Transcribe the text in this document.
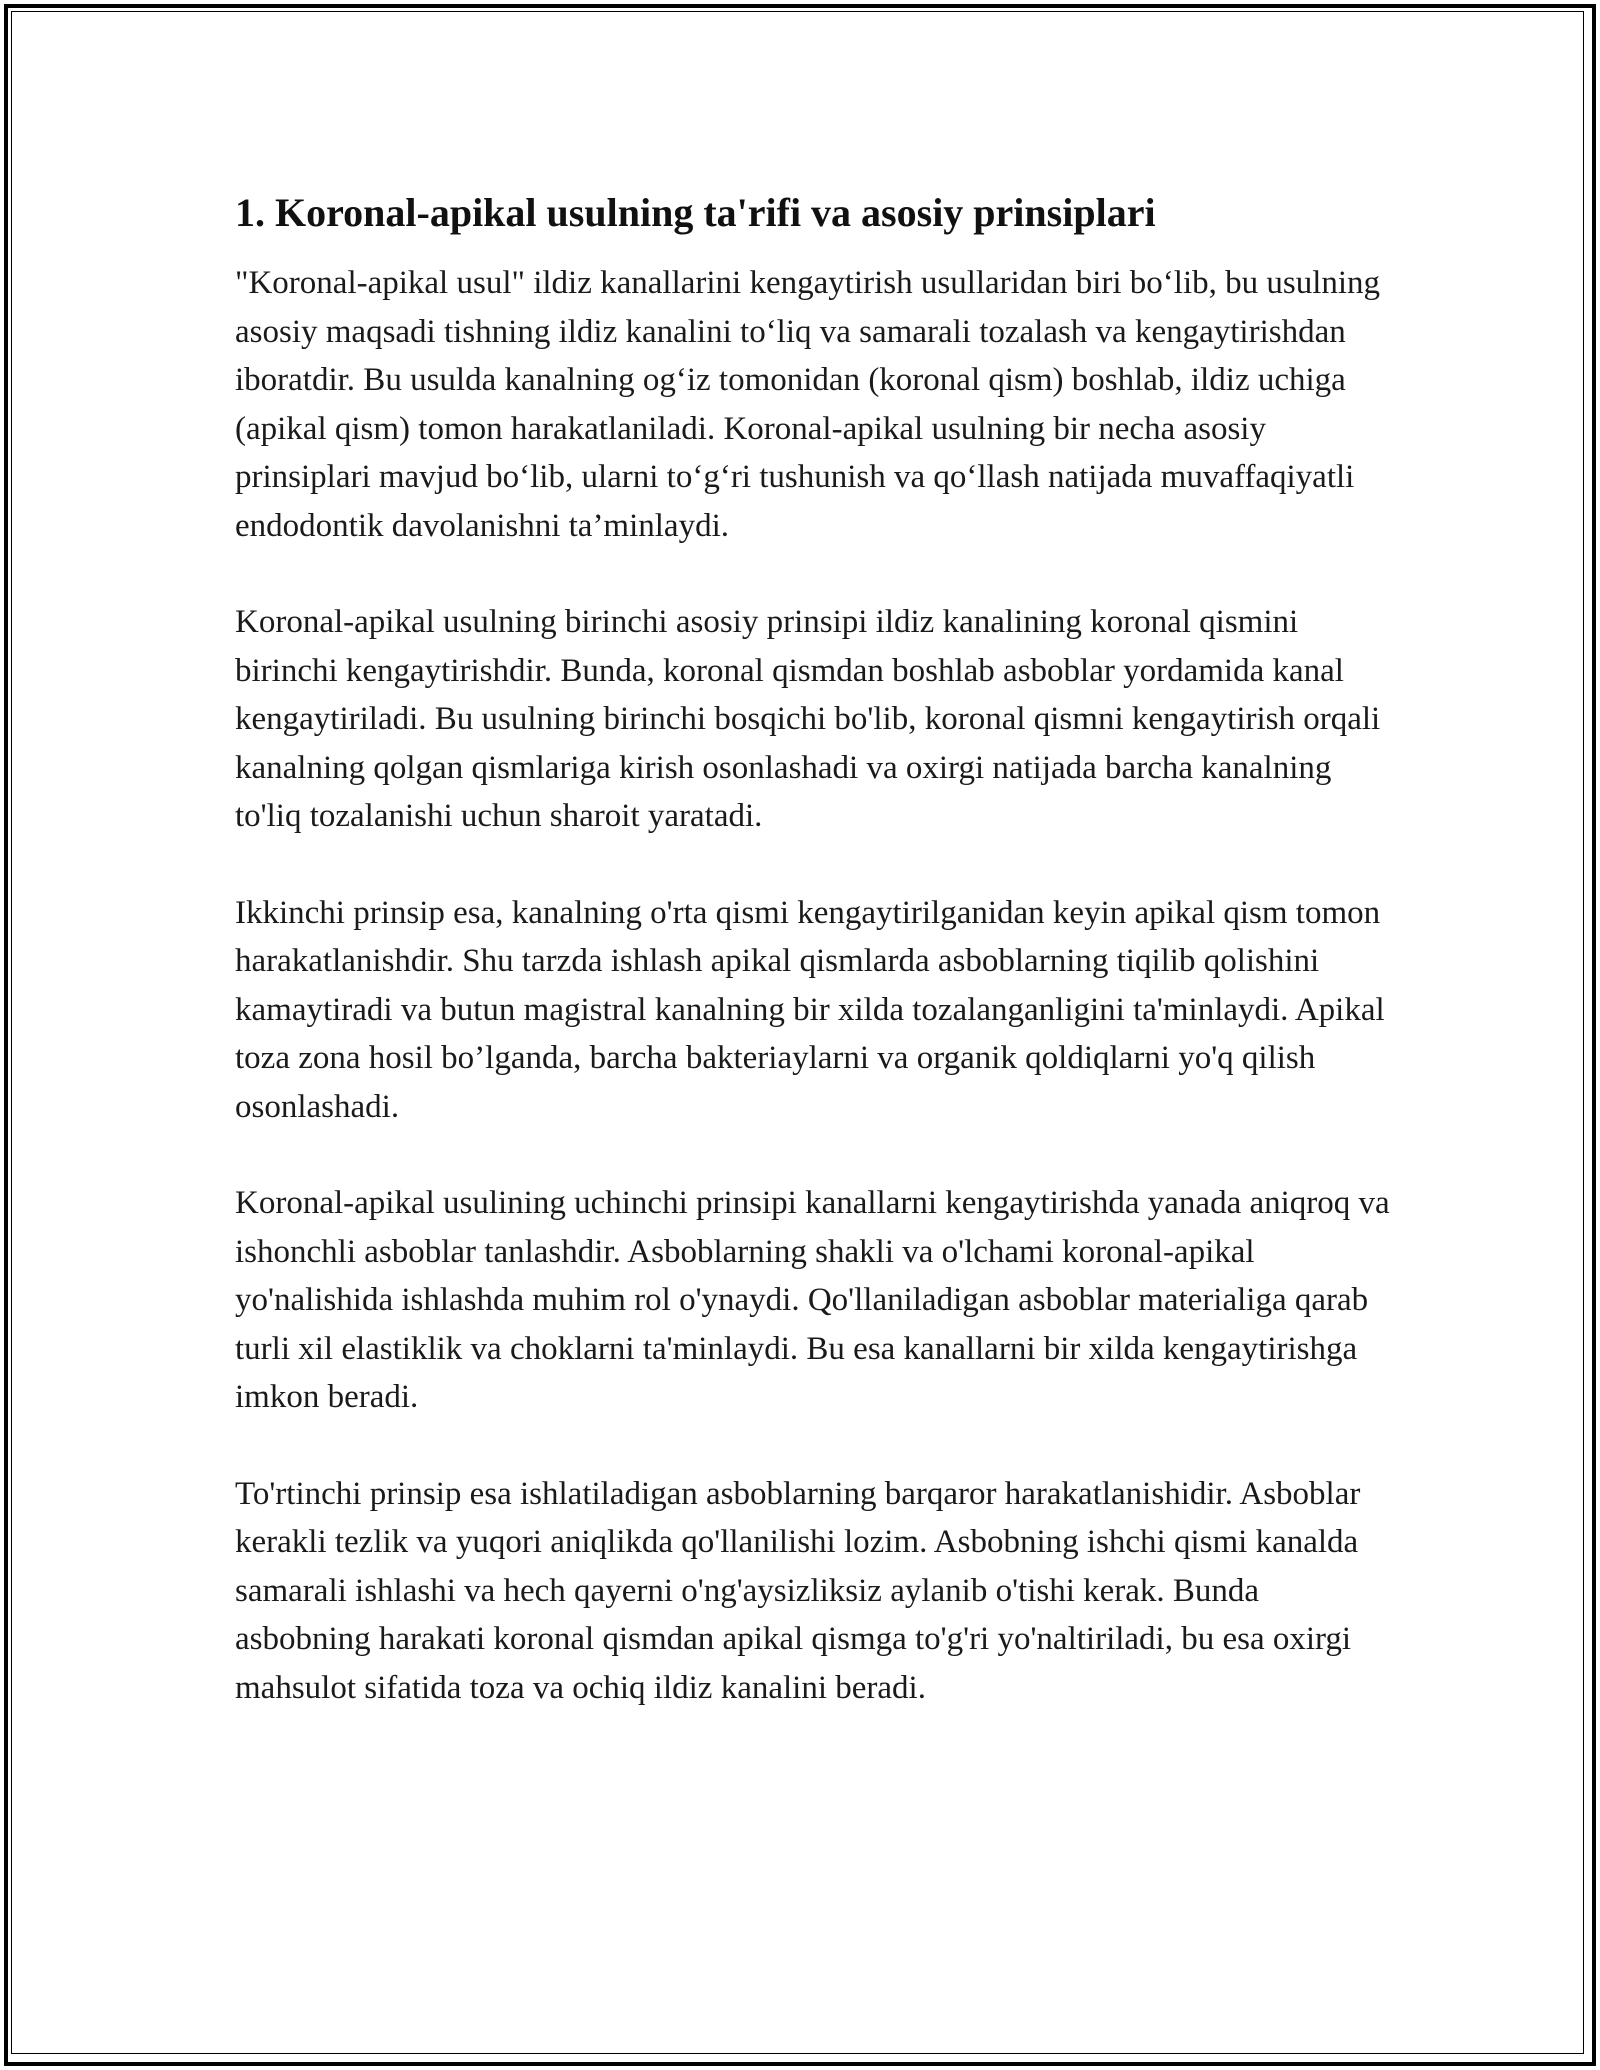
1. Koronal-apikal usulning ta'rifi va asosiy prinsiplari

"Koronal-apikal usul" ildiz kanallarini kengaytirish usullaridan biri bo‘lib, bu usulning asosiy maqsadi tishning ildiz kanalini to‘liq va samarali tozalash va kengaytirishdan iboratdir. Bu usulda kanalning og‘iz tomonidan (koronal qism) boshlab, ildiz uchiga (apikal qism) tomon harakatlaniladi. Koronal-apikal usulning bir necha asosiy prinsiplari mavjud bo‘lib, ularni to‘g‘ri tushunish va qo‘llash natijada muvaffaqiyatli endodontik davolanishni ta’minlaydi.

Koronal-apikal usulning birinchi asosiy prinsipi ildiz kanalining koronal qismini birinchi kengaytirishdir. Bunda, koronal qismdan boshlab asboblar yordamida kanal kengaytiriladi. Bu usulning birinchi bosqichi bo'lib, koronal qismni kengaytirish orqali kanalning qolgan qismlariga kirish osonlashadi va oxirgi natijada barcha kanalning to'liq tozalanishi uchun sharoit yaratadi.

Ikkinchi prinsip esa, kanalning o'rta qismi kengaytirilganidan keyin apikal qism tomon harakatlanishdir. Shu tarzda ishlash apikal qismlarda asboblarning tiqilib qolishini kamaytiradi va butun magistral kanalning bir xilda tozalanganligini ta'minlaydi. Apikal toza zona hosil bo’lganda, barcha bakteriaylarni va organik qoldiqlarni yo'q qilish osonlashadi.

Koronal-apikal usulining uchinchi prinsipi kanallarni kengaytirishda yanada aniqroq va ishonchli asboblar tanlashdir. Asboblarning shakli va o'lchami koronal-apikal yo'nalishida ishlashda muhim rol o'ynaydi. Qo'llaniladigan asboblar materialiga qarab turli xil elastiklik va choklarni ta'minlaydi. Bu esa kanallarni bir xilda kengaytirishga imkon beradi.

To'rtinchi prinsip esa ishlatiladigan asboblarning barqaror harakatlanishidir. Asboblar kerakli tezlik va yuqori aniqlikda qo'llanilishi lozim. Asbobning ishchi qismi kanalda samarali ishlashi va hech qayerni o'ng'aysizliksiz aylanib o'tishi kerak. Bunda asbobning harakati koronal qismdan apikal qismga to'g'ri yo'naltiriladi, bu esa oxirgi mahsulot sifatida toza va ochiq ildiz kanalini beradi.
